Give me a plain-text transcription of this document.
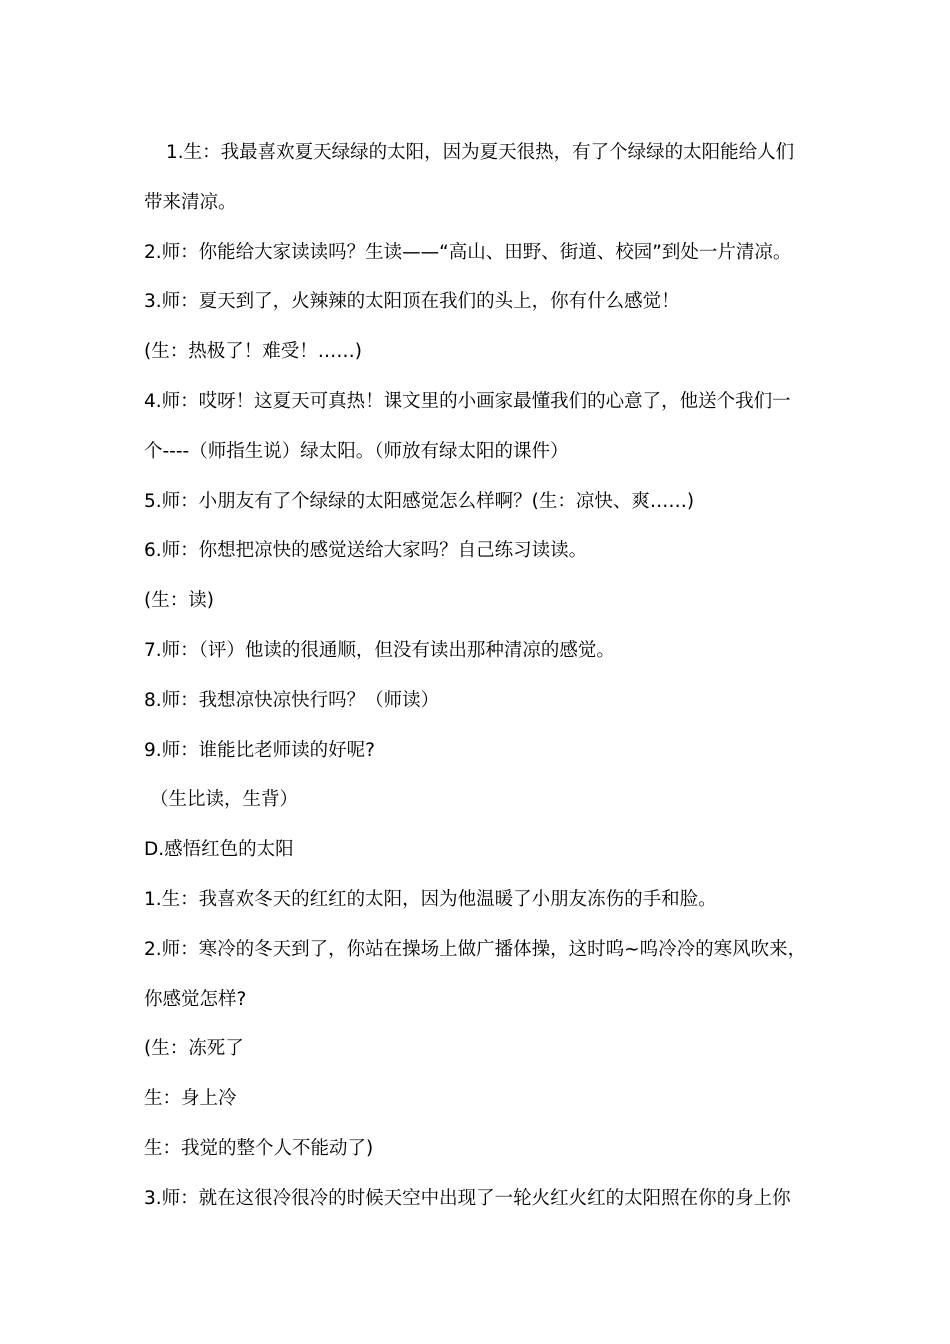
1.生：我最喜欢夏天绿绿的太阳，因为夏天很热，有了个绿绿的太阳能给人们
带来清凉。
2.师：你能给大家读读吗？生读——“高山、田野、街道、校园”到处一片清凉。
3.师：夏天到了，火辣辣的太阳顶在我们的头上，你有什么感觉！
(生：热极了！难受！……)
4.师：哎呀！这夏天可真热！课文里的小画家最懂我们的心意了，他送个我们一
个----（师指生说）绿太阳。（师放有绿太阳的课件）
5.师：小朋友有了个绿绿的太阳感觉怎么样啊？(生：凉快、爽……)
6.师：你想把凉快的感觉送给大家吗？自己练习读读。
(生：读)
7.师：（评）他读的很通顺，但没有读出那种清凉的感觉。
8.师：我想凉快凉快行吗？（师读）
9.师：谁能比老师读的好呢?
（生比读，生背）
D.感悟红色的太阳
1.生：我喜欢冬天的红红的太阳，因为他温暖了小朋友冻伤的手和脸。
2.师：寒冷的冬天到了，你站在操场上做广播体操，这时呜~呜冷冷的寒风吹来，
你感觉怎样?
(生：冻死了
生：身上冷
生：我觉的整个人不能动了)
3.师：就在这很冷很冷的时候天空中出现了一轮火红火红的太阳照在你的身上你
